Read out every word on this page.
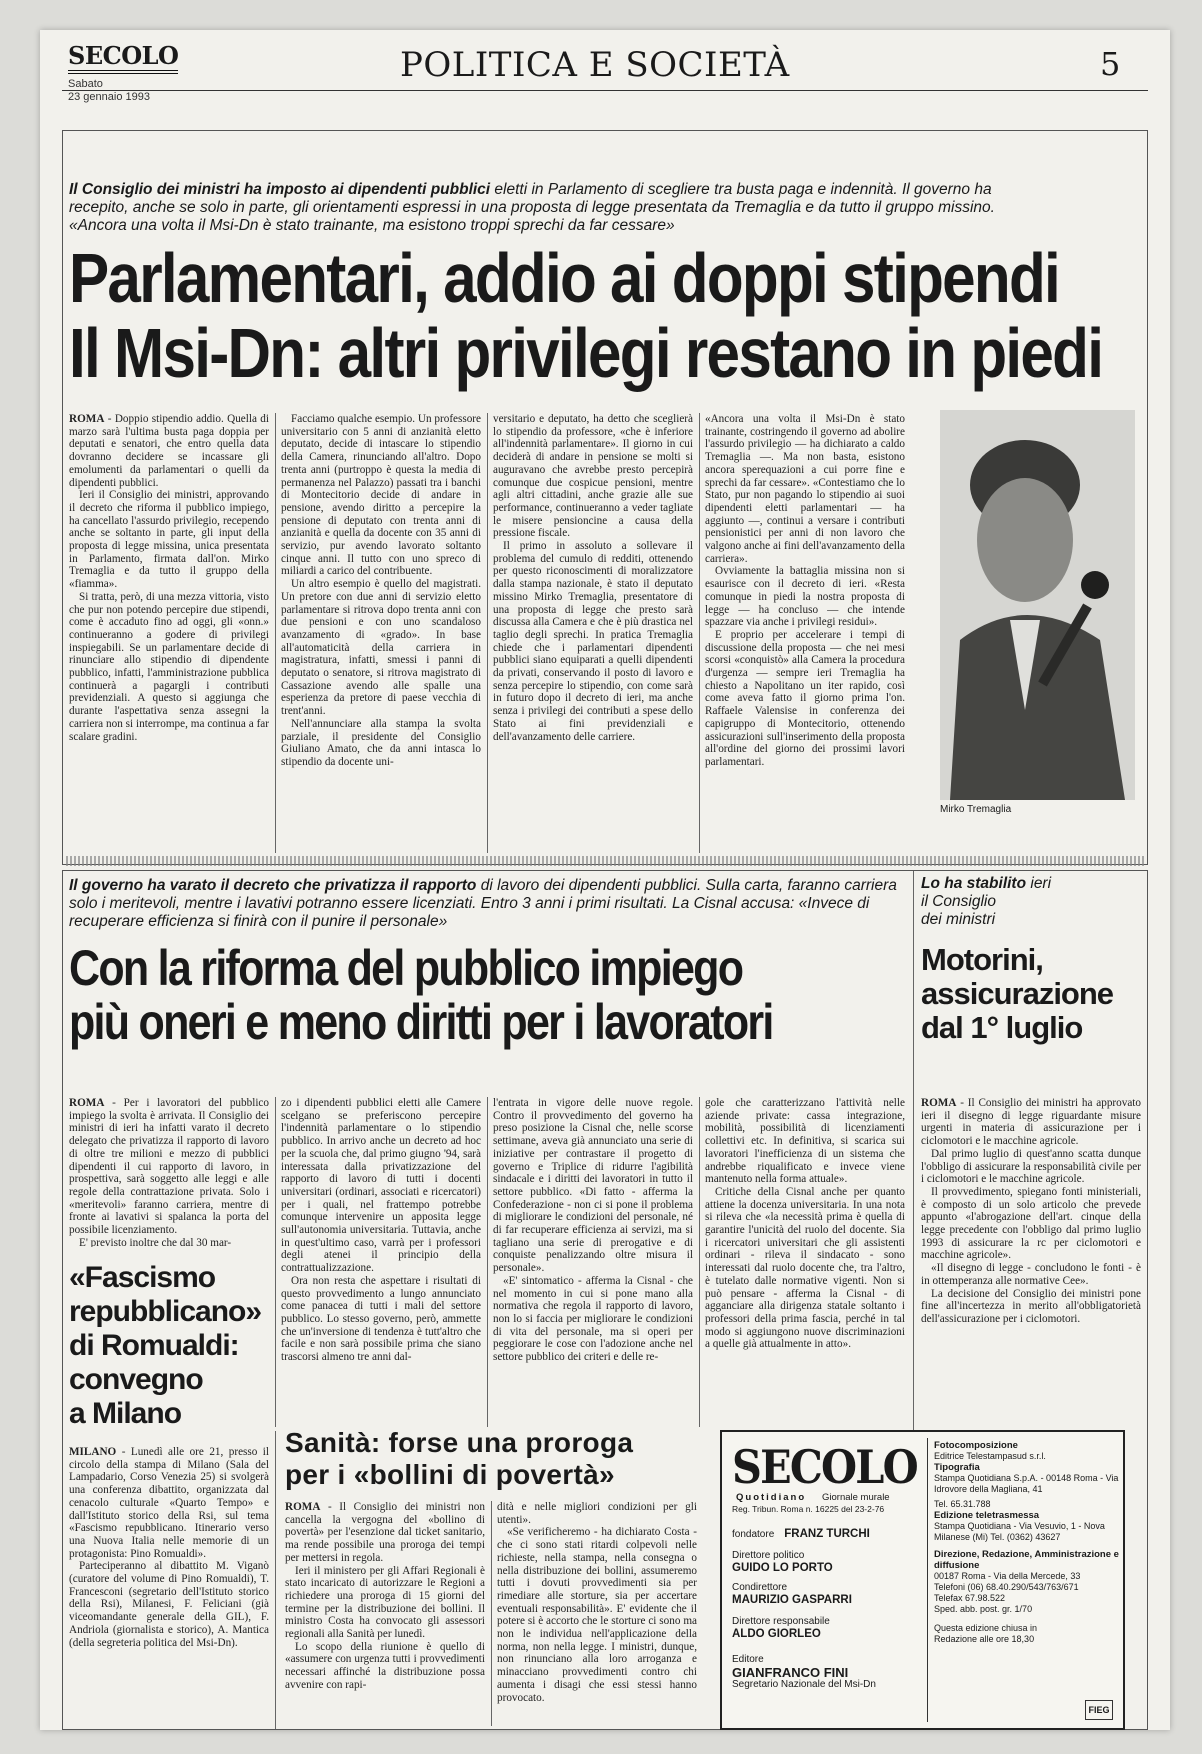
SECOLO
Sabato
23 gennaio 1993
POLITICA E SOCIETÀ	5
Il Consiglio dei ministri ha imposto ai dipendenti pubblici eletti in Parlamento di scegliere tra busta paga e indennità. Il governo ha recepito, anche se solo in parte, gli orientamenti espressi in una proposta di legge presentata da Tremaglia e da tutto il gruppo missino. «Ancora una volta il Msi-Dn è stato trainante, ma esistono troppi sprechi da far cessare»
Parlamentari, addio ai doppi stipendi
Il Msi-Dn: altri privilegi restano in piedi

ROMA - Doppio stipendio addio. Quella di marzo sarà l'ultima busta paga doppia per deputati e senatori, che entro quella data dovranno decidere se incassare gli emolumenti da parlamentari o quelli da dipendenti pubblici.

Ieri il Consiglio dei ministri, approvando il decreto che riforma il pubblico impiego, ha cancellato l'assurdo privilegio, recependo anche se soltanto in parte, gli input della proposta di legge missina, unica presentata in Parlamento, firmata dall'on. Mirko Tremaglia e da tutto il gruppo della «fiamma».

Si tratta, però, di una mezza vittoria, visto che pur non potendo percepire due stipendi, come è accaduto fino ad oggi, gli «onn.» continueranno a godere di privilegi inspiegabili. Se un parlamentare decide di rinunciare allo stipendio di dipendente pubblico, infatti, l'amministrazione pubblica continuerà a pagargli i contributi previdenziali. A questo si aggiunga che durante l'aspettativa senza assegni la carriera non si interrompe, ma continua a far scalare gradini.

Facciamo qualche esempio. Un professore universitario con 5 anni di anzianità eletto deputato, decide di intascare lo stipendio della Camera, rinunciando all'altro. Dopo trenta anni (purtroppo è questa la media di permanenza nel Palazzo) passati tra i banchi di Montecitorio decide di andare in pensione, avendo diritto a percepire la pensione di deputato con trenta anni di anzianità e quella da docente con 35 anni di servizio, pur avendo lavorato soltanto cinque anni. Il tutto con uno spreco di miliardi a carico del contribuente.

Un altro esempio è quello del magistrati. Un pretore con due anni di servizio eletto parlamentare si ritrova dopo trenta anni con due pensioni e con uno scandaloso avanzamento di «grado». In base all'automaticità della carriera in magistratura, infatti, smessi i panni di deputato o senatore, si ritrova magistrato di Cassazione avendo alle spalle una esperienza da pretore di paese vecchia di trent'anni.

Nell'annunciare alla stampa la svolta parziale, il presidente del Consiglio Giuliano Amato, che da anni intasca lo stipendio da docente uni-

versitario e deputato, ha detto che sceglierà lo stipendio da professore, «che è inferiore all'indennità parlamentare». Il giorno in cui deciderà di andare in pensione se molti si auguravano che avrebbe presto percepirà comunque due cospicue pensioni, mentre agli altri cittadini, anche grazie alle sue performance, continueranno a veder tagliate le misere pensioncine a causa della pressione fiscale.

Il primo in assoluto a sollevare il problema del cumulo di redditi, ottenendo per questo riconoscimenti di moralizzatore dalla stampa nazionale, è stato il deputato missino Mirko Tremaglia, presentatore di una proposta di legge che presto sarà discussa alla Camera e che è più drastica nel taglio degli sprechi. In pratica Tremaglia chiede che i parlamentari dipendenti pubblici siano equiparati a quelli dipendenti da privati, conservando il posto di lavoro e senza percepire lo stipendio, con come sarà in futuro dopo il decreto di ieri, ma anche senza i privilegi dei contributi a spese dello Stato ai fini previdenziali e dell'avanzamento delle carriere.

«Ancora una volta il Msi-Dn è stato trainante, costringendo il governo ad abolire l'assurdo privilegio — ha dichiarato a caldo Tremaglia —. Ma non basta, esistono ancora sperequazioni a cui porre fine e sprechi da far cessare». «Contestiamo che lo Stato, pur non pagando lo stipendio ai suoi dipendenti eletti parlamentari — ha aggiunto —, continui a versare i contributi pensionistici per anni di non lavoro che valgono anche ai fini dell'avanzamento della carriera».

Ovviamente la battaglia missina non si esaurisce con il decreto di ieri. «Resta comunque in piedi la nostra proposta di legge — ha concluso — che intende spazzare via anche i privilegi residui».

E proprio per accelerare i tempi di discussione della proposta — che nei mesi scorsi «conquistò» alla Camera la procedura d'urgenza — sempre ieri Tremaglia ha chiesto a Napolitano un iter rapido, così come aveva fatto il giorno prima l'on. Raffaele Valensise in conferenza dei capigruppo di Montecitorio, ottenendo assicurazioni sull'inserimento della proposta all'ordine del giorno dei prossimi lavori parlamentari.

Mirko Tremaglia
Il governo ha varato il decreto che privatizza il rapporto di lavoro dei dipendenti pubblici. Sulla carta, faranno carriera solo i meritevoli, mentre i lavativi potranno essere licenziati. Entro 3 anni i primi risultati. La Cisnal accusa: «Invece di recuperare efficienza si finirà con il punire il personale»
Con la riforma del pubblico impiego
più oneri e meno diritti per i lavoratori

ROMA - Per i lavoratori del pubblico impiego la svolta è arrivata. Il Consiglio dei ministri di ieri ha infatti varato il decreto delegato che privatizza il rapporto di lavoro di oltre tre milioni e mezzo di pubblici dipendenti il cui rapporto di lavoro, in prospettiva, sarà soggetto alle leggi e alle regole della contrattazione privata. Solo i «meritevoli» faranno carriera, mentre di fronte ai lavativi si spalanca la porta del possibile licenziamento.

E' previsto inoltre che dal 30 mar-

zo i dipendenti pubblici eletti alle Camere scelgano se preferiscono percepire l'indennità parlamentare o lo stipendio pubblico. In arrivo anche un decreto ad hoc per la scuola che, dal primo giugno '94, sarà interessata dalla privatizzazione del rapporto di lavoro di tutti i docenti universitari (ordinari, associati e ricercatori) per i quali, nel frattempo potrebbe comunque intervenire un apposita legge sull'autonomia universitaria. Tuttavia, anche in quest'ultimo caso, varrà per i professori degli atenei il principio della contrattualizzazione.

Ora non resta che aspettare i risultati di questo provvedimento a lungo annunciato come panacea di tutti i mali del settore pubblico. Lo stesso governo, però, ammette che un'inversione di tendenza è tutt'altro che facile e non sarà possibile prima che siano trascorsi almeno tre anni dal-

l'entrata in vigore delle nuove regole. Contro il provvedimento del governo ha preso posizione la Cisnal che, nelle scorse settimane, aveva già annunciato una serie di iniziative per contrastare il progetto di governo e Triplice di ridurre l'agibilità sindacale e i diritti dei lavoratori in tutto il settore pubblico. «Di fatto - afferma la Confederazione - non ci si pone il problema di migliorare le condizioni del personale, né di far recuperare efficienza ai servizi, ma si tagliano una serie di prerogative e di conquiste penalizzando oltre misura il personale».

«E' sintomatico - afferma la Cisnal - che nel momento in cui si pone mano alla normativa che regola il rapporto di lavoro, non lo si faccia per migliorare le condizioni di vita del personale, ma si operi per peggiorare le cose con l'adozione anche nel settore pubblico dei criteri e delle re-

gole che caratterizzano l'attività nelle aziende private: cassa integrazione, mobilità, possibilità di licenziamenti collettivi etc. In definitiva, si scarica sui lavoratori l'inefficienza di un sistema che andrebbe riqualificato e invece viene mantenuto nella forma attuale».

Critiche della Cisnal anche per quanto attiene la docenza universitaria. In una nota si rileva che «la necessità prima è quella di garantire l'unicità del ruolo del docente. Sia i ricercatori universitari che gli assistenti ordinari - rileva il sindacato - sono interessati dal ruolo docente che, tra l'altro, è tutelato dalle normative vigenti. Non si può pensare - afferma la Cisnal - di agganciare alla dirigenza statale soltanto i professori della prima fascia, perché in tal modo si aggiungono nuove discriminazioni a quelle già attualmente in atto».

Lo ha stabilito ieri
il Consiglio
dei ministri
Motorini,
assicurazione
dal 1° luglio

ROMA - Il Consiglio dei ministri ha approvato ieri il disegno di legge riguardante misure urgenti in materia di assicurazione per i ciclomotori e le macchine agricole.

Dal primo luglio di quest'anno scatta dunque l'obbligo di assicurare la responsabilità civile per i ciclomotori e le macchine agricole.

Il provvedimento, spiegano fonti ministeriali, è composto di un solo articolo che prevede appunto «l'abrogazione dell'art. cinque della legge precedente con l'obbligo dal primo luglio 1993 di assicurare la rc per ciclomotori e macchine agricole».

«Il disegno di legge - concludono le fonti - è in ottemperanza alle normative Cee».

La decisione del Consiglio dei ministri pone fine all'incertezza in merito all'obbligatorietà dell'assicurazione per i ciclomotori.

«Fascismo
repubblicano»
di Romualdi:
convegno
a Milano

MILANO - Lunedì alle ore 21, presso il circolo della stampa di Milano (Sala del Lampadario, Corso Venezia 25) si svolgerà una conferenza dibattito, organizzata dal cenacolo culturale «Quarto Tempo» e dall'Istituto storico della Rsi, sul tema «Fascismo repubblicano. Itinerario verso una Nuova Italia nelle memorie di un protagonista: Pino Romualdi».

Parteciperanno al dibattito M. Viganò (curatore del volume di Pino Romualdi), T. Francesconi (segretario dell'Istituto storico della Rsi), Milanesi, F. Feliciani (già viceomandante generale della GIL), F. Andriola (giornalista e storico), A. Mantica (della segreteria politica del Msi-Dn).

Sanità: forse una proroga
per i «bollini di povertà»

ROMA - Il Consiglio dei ministri non cancella la vergogna del «bollino di povertà» per l'esenzione dal ticket sanitario, ma rende possibile una proroga dei tempi per mettersi in regola.

Ieri il ministero per gli Affari Regionali è stato incaricato di autorizzare le Regioni a richiedere una proroga di 15 giorni del termine per la distribuzione dei bollini. Il ministro Costa ha convocato gli assessori regionali alla Sanità per lunedì.

Lo scopo della riunione è quello di «assumere con urgenza tutti i provvedimenti necessari affinché la distribuzione possa avvenire con rapi-

dità e nelle migliori condizioni per gli utenti».

«Se verificheremo - ha dichiarato Costa - che ci sono stati ritardi colpevoli nelle richieste, nella stampa, nella consegna o nella distribuzione dei bollini, assumeremo tutti i dovuti provvedimenti sia per rimediare alle storture, sia per accertare eventuali responsabilità». E' evidente che il potere si è accorto che le storture ci sono ma non le individua nell'applicazione della norma, non nella legge. I ministri, dunque, non rinunciano alla loro arroganza e minacciano provvedimenti contro chi aumenta i disagi che essi stessi hanno provocato.

SECOLO
Quotidiano Giornale murale
Reg. Tribun. Roma n. 16225 del 23-2-76
fondatore FRANZ TURCHI
Direttore politico
GUIDO LO PORTO
Condirettore
MAURIZIO GASPARRI
Direttore responsabile
ALDO GIORLEO
Editore
GIANFRANCO FINI
Segretario Nazionale del Msi-Dn
Fotocomposizione
Editrice Telestampasud s.r.l.
Tipografia
Stampa Quotidiana S.p.A. - 00148 Roma - Via Idrovore della Magliana, 41
Tel. 65.31.788
Edizione teletrasmessa
Stampa Quotidiana - Via Vesuvio, 1 - Nova Milanese (Mi) Tel. (0362) 43627
Direzione, Redazione, Amministrazione e diffusione
00187 Roma - Via della Mercede, 33
Telefoni (06) 68.40.290/543/763/671
Telefax 67.98.522
Sped. abb. post. gr. 1/70
Questa edizione chiusa in Redazione alle ore 18,30
FIEG
